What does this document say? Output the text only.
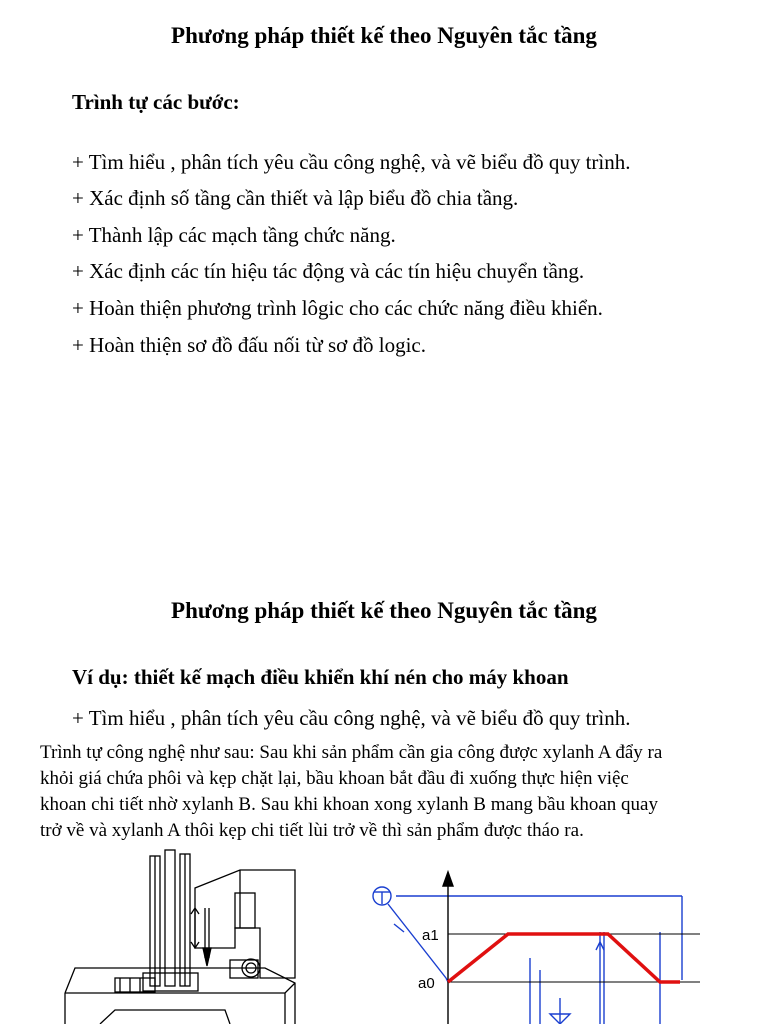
Phương pháp thiết kế theo Nguyên tắc tầng
Trình tự các bước:
+ Tìm hiểu , phân tích yêu cầu công nghệ, và vẽ biểu đồ quy trình.
+ Xác định số tầng cần thiết và lập biểu đồ chia tầng.
+ Thành lập các mạch tầng chức năng.
+ Xác định các tín hiệu tác động và các tín hiệu chuyển tầng.
+ Hoàn thiện phương trình lôgic cho các chức năng điều khiển.
+ Hoàn thiện sơ đồ đấu nối từ sơ đồ logic.
Phương pháp thiết kế theo Nguyên tắc tầng
Ví dụ: thiết kế mạch điều khiển khí nén cho máy khoan
+ Tìm hiểu , phân tích yêu cầu công nghệ, và vẽ biểu đồ quy trình.
Trình tự công nghệ như sau: Sau khi sản phẩm cần gia công được xylanh A đẩy ra
khỏi giá chứa phôi và kẹp chặt lại, bầu khoan bắt đầu đi xuống thực hiện việc
khoan chi tiết nhờ xylanh B. Sau khi khoan xong xylanh B mang bầu khoan quay
trở về và xylanh A thôi kẹp chi tiết lùi trở về thì sản phẩm được tháo ra.
a1
a0
